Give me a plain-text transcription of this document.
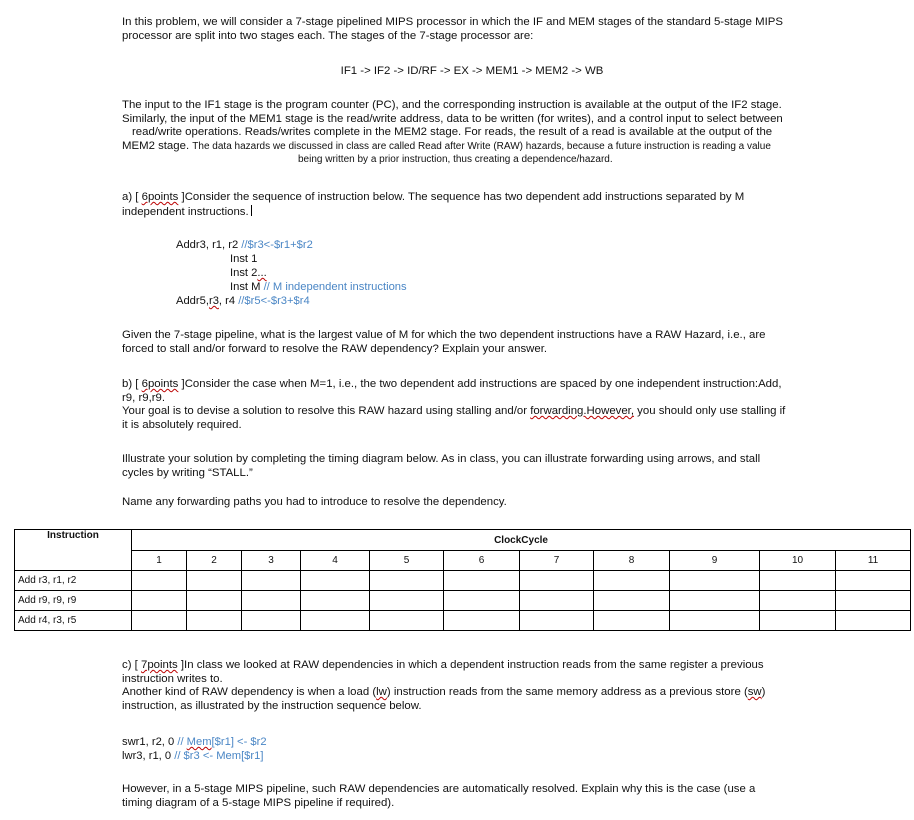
In this problem, we will consider a 7-stage pipelined MIPS processor in which the IF and MEM stages of the standard 5-stage MIPS
processor are split into two stages each. The stages of the 7-stage processor are:

IF1 -> IF2 -> ID/RF -> EX -> MEM1 -> MEM2 -> WB

The input to the IF1 stage is the program counter (PC), and the corresponding instruction is available at the output of the IF2 stage.
Similarly, the input of the MEM1 stage is the read/write address, data to be written (for writes), and a control input to select between
read/write operations. Reads/writes complete in the MEM2 stage. For reads, the result of a read is available at the output of the
MEM2 stage. The data hazards we discussed in class are called Read after Write (RAW) hazards, because a future instruction is reading a value
being written by a prior instruction, thus creating a dependence/hazard.

a) [ 6points ]Consider the sequence of instruction below. The sequence has two dependent add instructions separated by M
independent instructions.

Addr3, r1, r2 //$r3<-$r1+$r2
Inst 1
Inst 2...
Inst M // M independent instructions
Addr5,r3, r4 //$r5<-$r3+$r4

Given the 7-stage pipeline, what is the largest value of M for which the two dependent instructions have a RAW Hazard, i.e., are
forced to stall and/or forward to resolve the RAW dependency? Explain your answer.

b) [ 6points ]Consider the case when M=1, i.e., the two dependent add instructions are spaced by one independent instruction:Add,
r9, r9,r9.
Your goal is to devise a solution to resolve this RAW hazard using stalling and/or forwarding.However, you should only use stalling if
it is absolutely required.

Illustrate your solution by completing the timing diagram below. As in class, you can illustrate forwarding using arrows, and stall
cycles by writing “STALL.”

Name any forwarding paths you had to introduce to resolve the dependency.

Instruction	ClockCycle										
	1	2	3	4	5	6	7	8	9	10	11
Add r3, r1, r2											
Add r9, r9, r9											
Add r4, r3, r5											

c) [ 7points ]In class we looked at RAW dependencies in which a dependent instruction reads from the same register a previous
instruction writes to.
Another kind of RAW dependency is when a load (lw) instruction reads from the same memory address as a previous store (sw)
instruction, as illustrated by the instruction sequence below.

swr1, r2, 0 // Mem[$r1] <- $r2
lwr3, r1, 0 // $r3 <- Mem[$r1]

However, in a 5-stage MIPS pipeline, such RAW dependencies are automatically resolved. Explain why this is the case (use a
timing diagram of a 5-stage MIPS pipeline if required).
